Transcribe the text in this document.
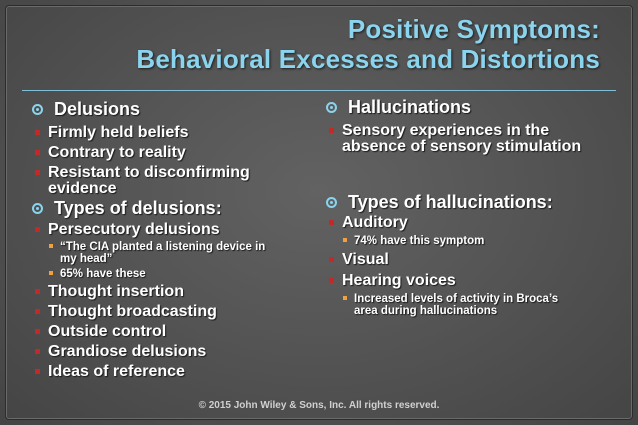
Positive Symptoms:
Behavioral Excesses and Distortions

Delusions

Firmly held beliefs

Contrary to reality

Resistant to disconfirming evidence

Types of delusions:

Persecutory delusions

“The CIA planted a listening device in my head”

65% have these

Thought insertion

Thought broadcasting

Outside control

Grandiose delusions

Ideas of reference

Hallucinations

Sensory experiences in the absence of sensory stimulation

Types of hallucinations:

Auditory

74% have this symptom

Visual

Hearing voices

Increased levels of activity in Broca’s area during hallucinations

© 2015 John Wiley & Sons, Inc. All rights reserved.
